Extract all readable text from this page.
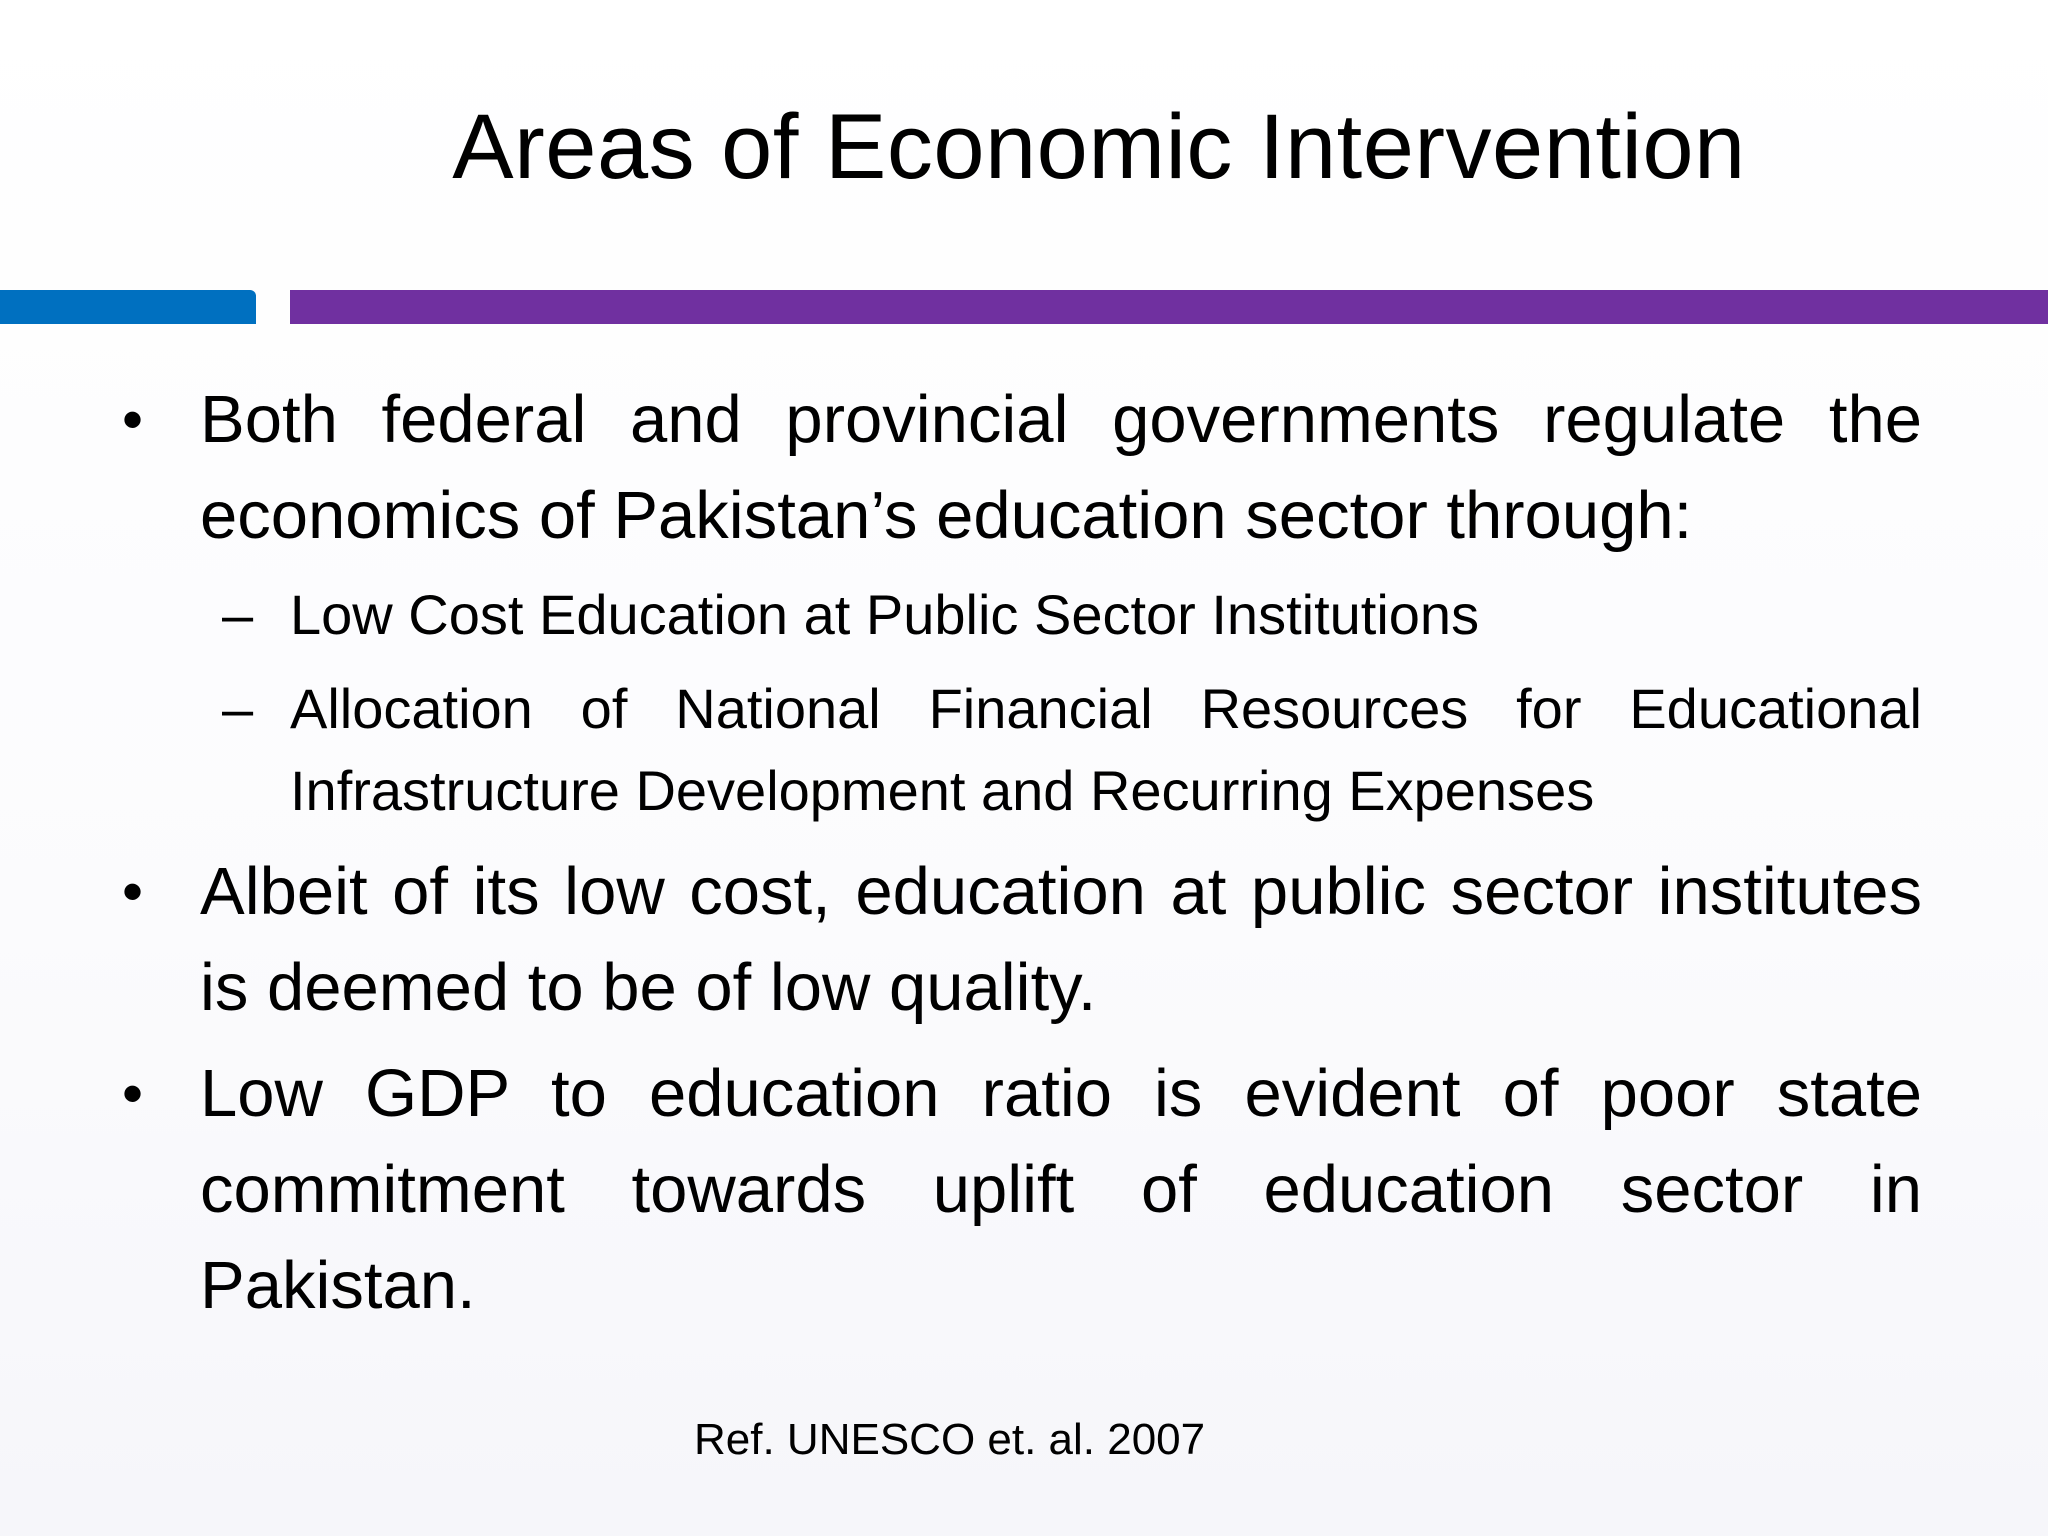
Areas of Economic Intervention
• Both federal and provincial governments regulate the economics of Pakistan’s education sector through:
– Low Cost Education at Public Sector Institutions
– Allocation of National Financial Resources for Educational Infrastructure Development and Recurring Expenses
• Albeit of its low cost, education at public sector institutes is deemed to be of low quality.
• Low GDP to education ratio is evident of poor state commitment towards uplift of education sector in Pakistan.
Ref. UNESCO et. al. 2007
